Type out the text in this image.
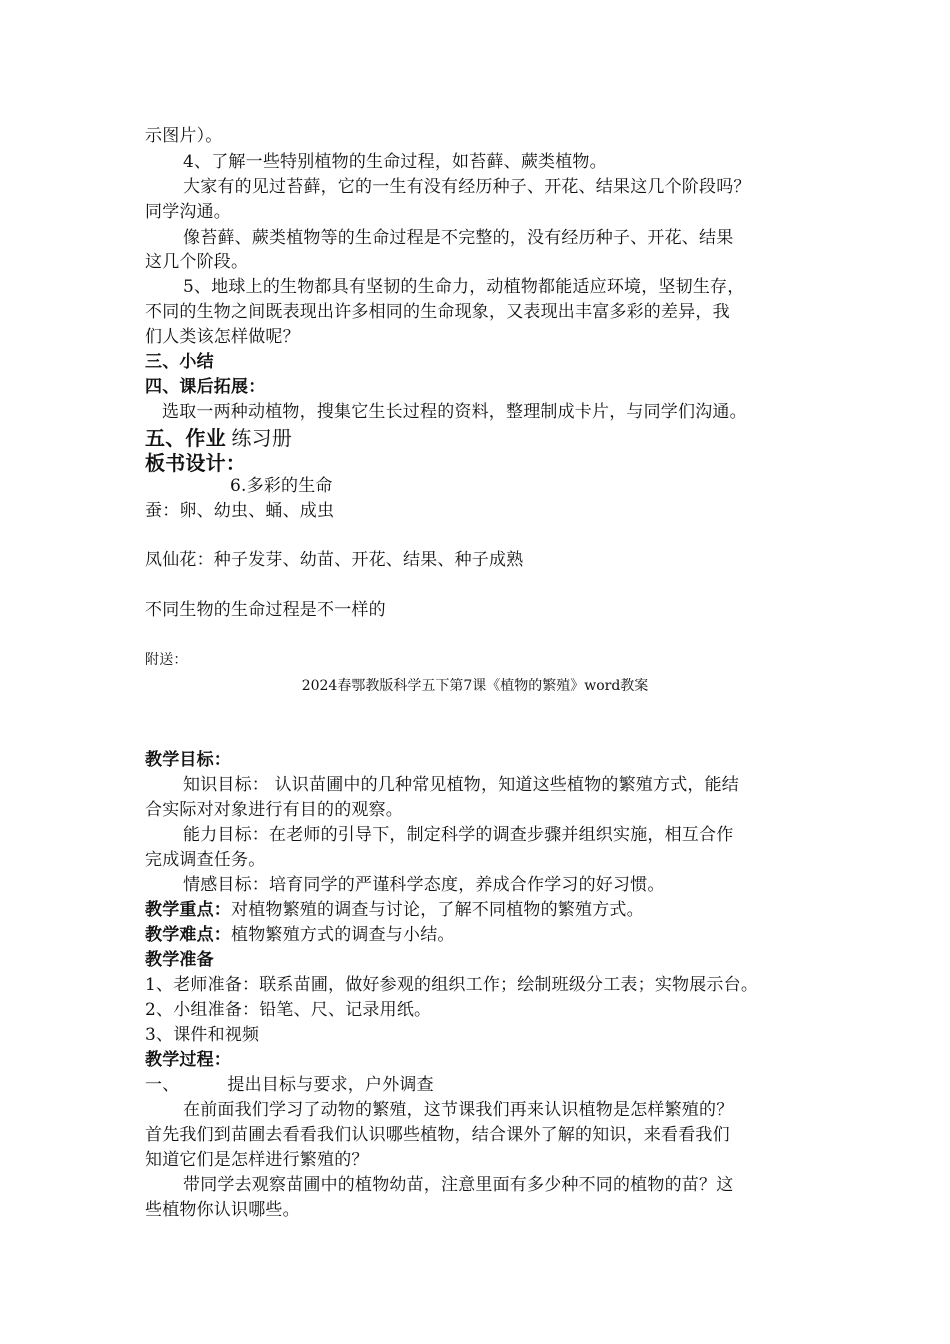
示图片）。
4、了解一些特别植物的生命过程，如苔藓、蕨类植物。
大家有的见过苔藓，它的一生有没有经历种子、开花、结果这几个阶段吗？
同学沟通。
像苔藓、蕨类植物等的生命过程是不完整的，没有经历种子、开花、结果
这几个阶段。
5、地球上的生物都具有坚韧的生命力，动植物都能适应环境，坚韧生存，
不同的生物之间既表现出许多相同的生命现象，又表现出丰富多彩的差异，我
们人类该怎样做呢？
三、小结
四、课后拓展：
选取一两种动植物，搜集它生长过程的资料，整理制成卡片，与同学们沟通。
五、作业 练习册
板书设计：
6.多彩的生命
蚕：卵、幼虫、蛹、成虫
凤仙花：种子发芽、幼苗、开花、结果、种子成熟
不同生物的生命过程是不一样的
附送：
2024春鄂教版科学五下第7课《植物的繁殖》word教案
教学目标：
知识目标： 认识苗圃中的几种常见植物，知道这些植物的繁殖方式，能结
合实际对对象进行有目的的观察。
能力目标：在老师的引导下，制定科学的调查步骤并组织实施，相互合作
完成调查任务。
情感目标：培育同学的严谨科学态度，养成合作学习的好习惯。
教学重点：对植物繁殖的调查与讨论，了解不同植物的繁殖方式。
教学难点：植物繁殖方式的调查与小结。
教学准备
1、老师准备：联系苗圃，做好参观的组织工作；绘制班级分工表；实物展示台。
2、小组准备：铅笔、尺、记录用纸。
3、课件和视频
教学过程：
一、	提出目标与要求，户外调查
在前面我们学习了动物的繁殖，这节课我们再来认识植物是怎样繁殖的？
首先我们到苗圃去看看我们认识哪些植物，结合课外了解的知识，来看看我们
知道它们是怎样进行繁殖的？
带同学去观察苗圃中的植物幼苗，注意里面有多少种不同的植物的苗？这
些植物你认识哪些。
